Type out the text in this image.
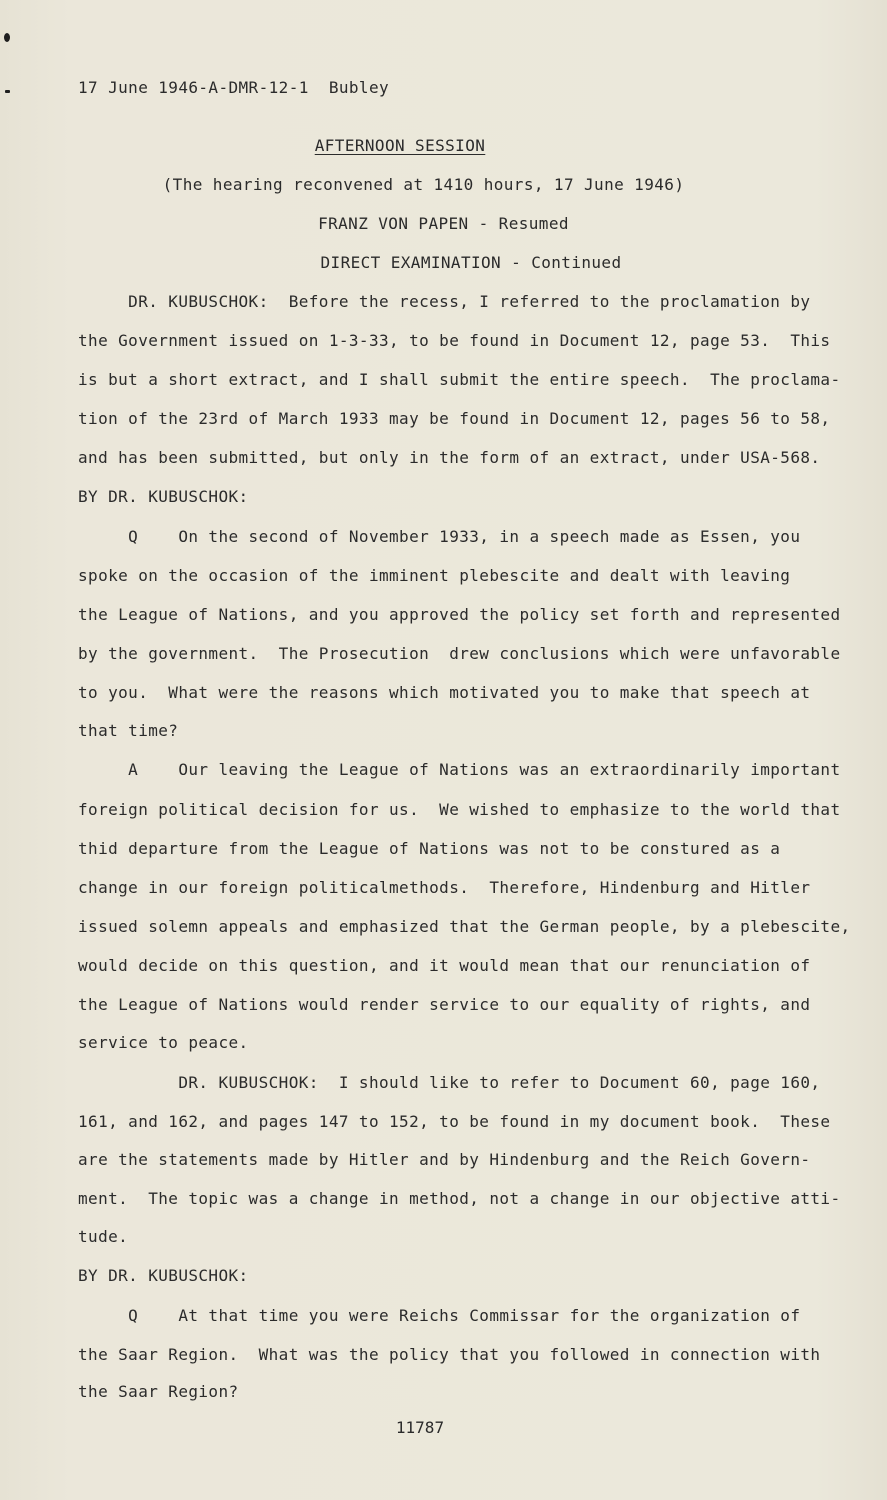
17 June 1946-A-DMR-12-1  Bubley
AFTERNOON SESSION
(The hearing reconvened at 1410 hours, 17 June 1946)
FRANZ VON PAPEN - Resumed
DIRECT EXAMINATION - Continued
DR. KUBUSCHOK:  Before the recess, I referred to the proclamation by
the Government issued on 1-3-33, to be found in Document 12, page 53.  This
is but a short extract, and I shall submit the entire speech.  The proclama-
tion of the 23rd of March 1933 may be found in Document 12, pages 56 to 58,
and has been submitted, but only in the form of an extract, under USA-568.
BY DR. KUBUSCHOK:
Q    On the second of November 1933, in a speech made as Essen, you
spoke on the occasion of the imminent plebescite and dealt with leaving
the League of Nations, and you approved the policy set forth and represented
by the government.  The Prosecution  drew conclusions which were unfavorable
to you.  What were the reasons which motivated you to make that speech at
that time?
A    Our leaving the League of Nations was an extraordinarily important
foreign political decision for us.  We wished to emphasize to the world that
thid departure from the League of Nations was not to be constured as a
change in our foreign politicalmethods.  Therefore, Hindenburg and Hitler
issued solemn appeals and emphasized that the German people, by a plebescite,
would decide on this question, and it would mean that our renunciation of
the League of Nations would render service to our equality of rights, and
service to peace.
DR. KUBUSCHOK:  I should like to refer to Document 60, page 160,
161, and 162, and pages 147 to 152, to be found in my document book.  These
are the statements made by Hitler and by Hindenburg and the Reich Govern-
ment.  The topic was a change in method, not a change in our objective atti-
tude.
BY DR. KUBUSCHOK:
Q    At that time you were Reichs Commissar for the organization of
the Saar Region.  What was the policy that you followed in connection with
the Saar Region?
11787
